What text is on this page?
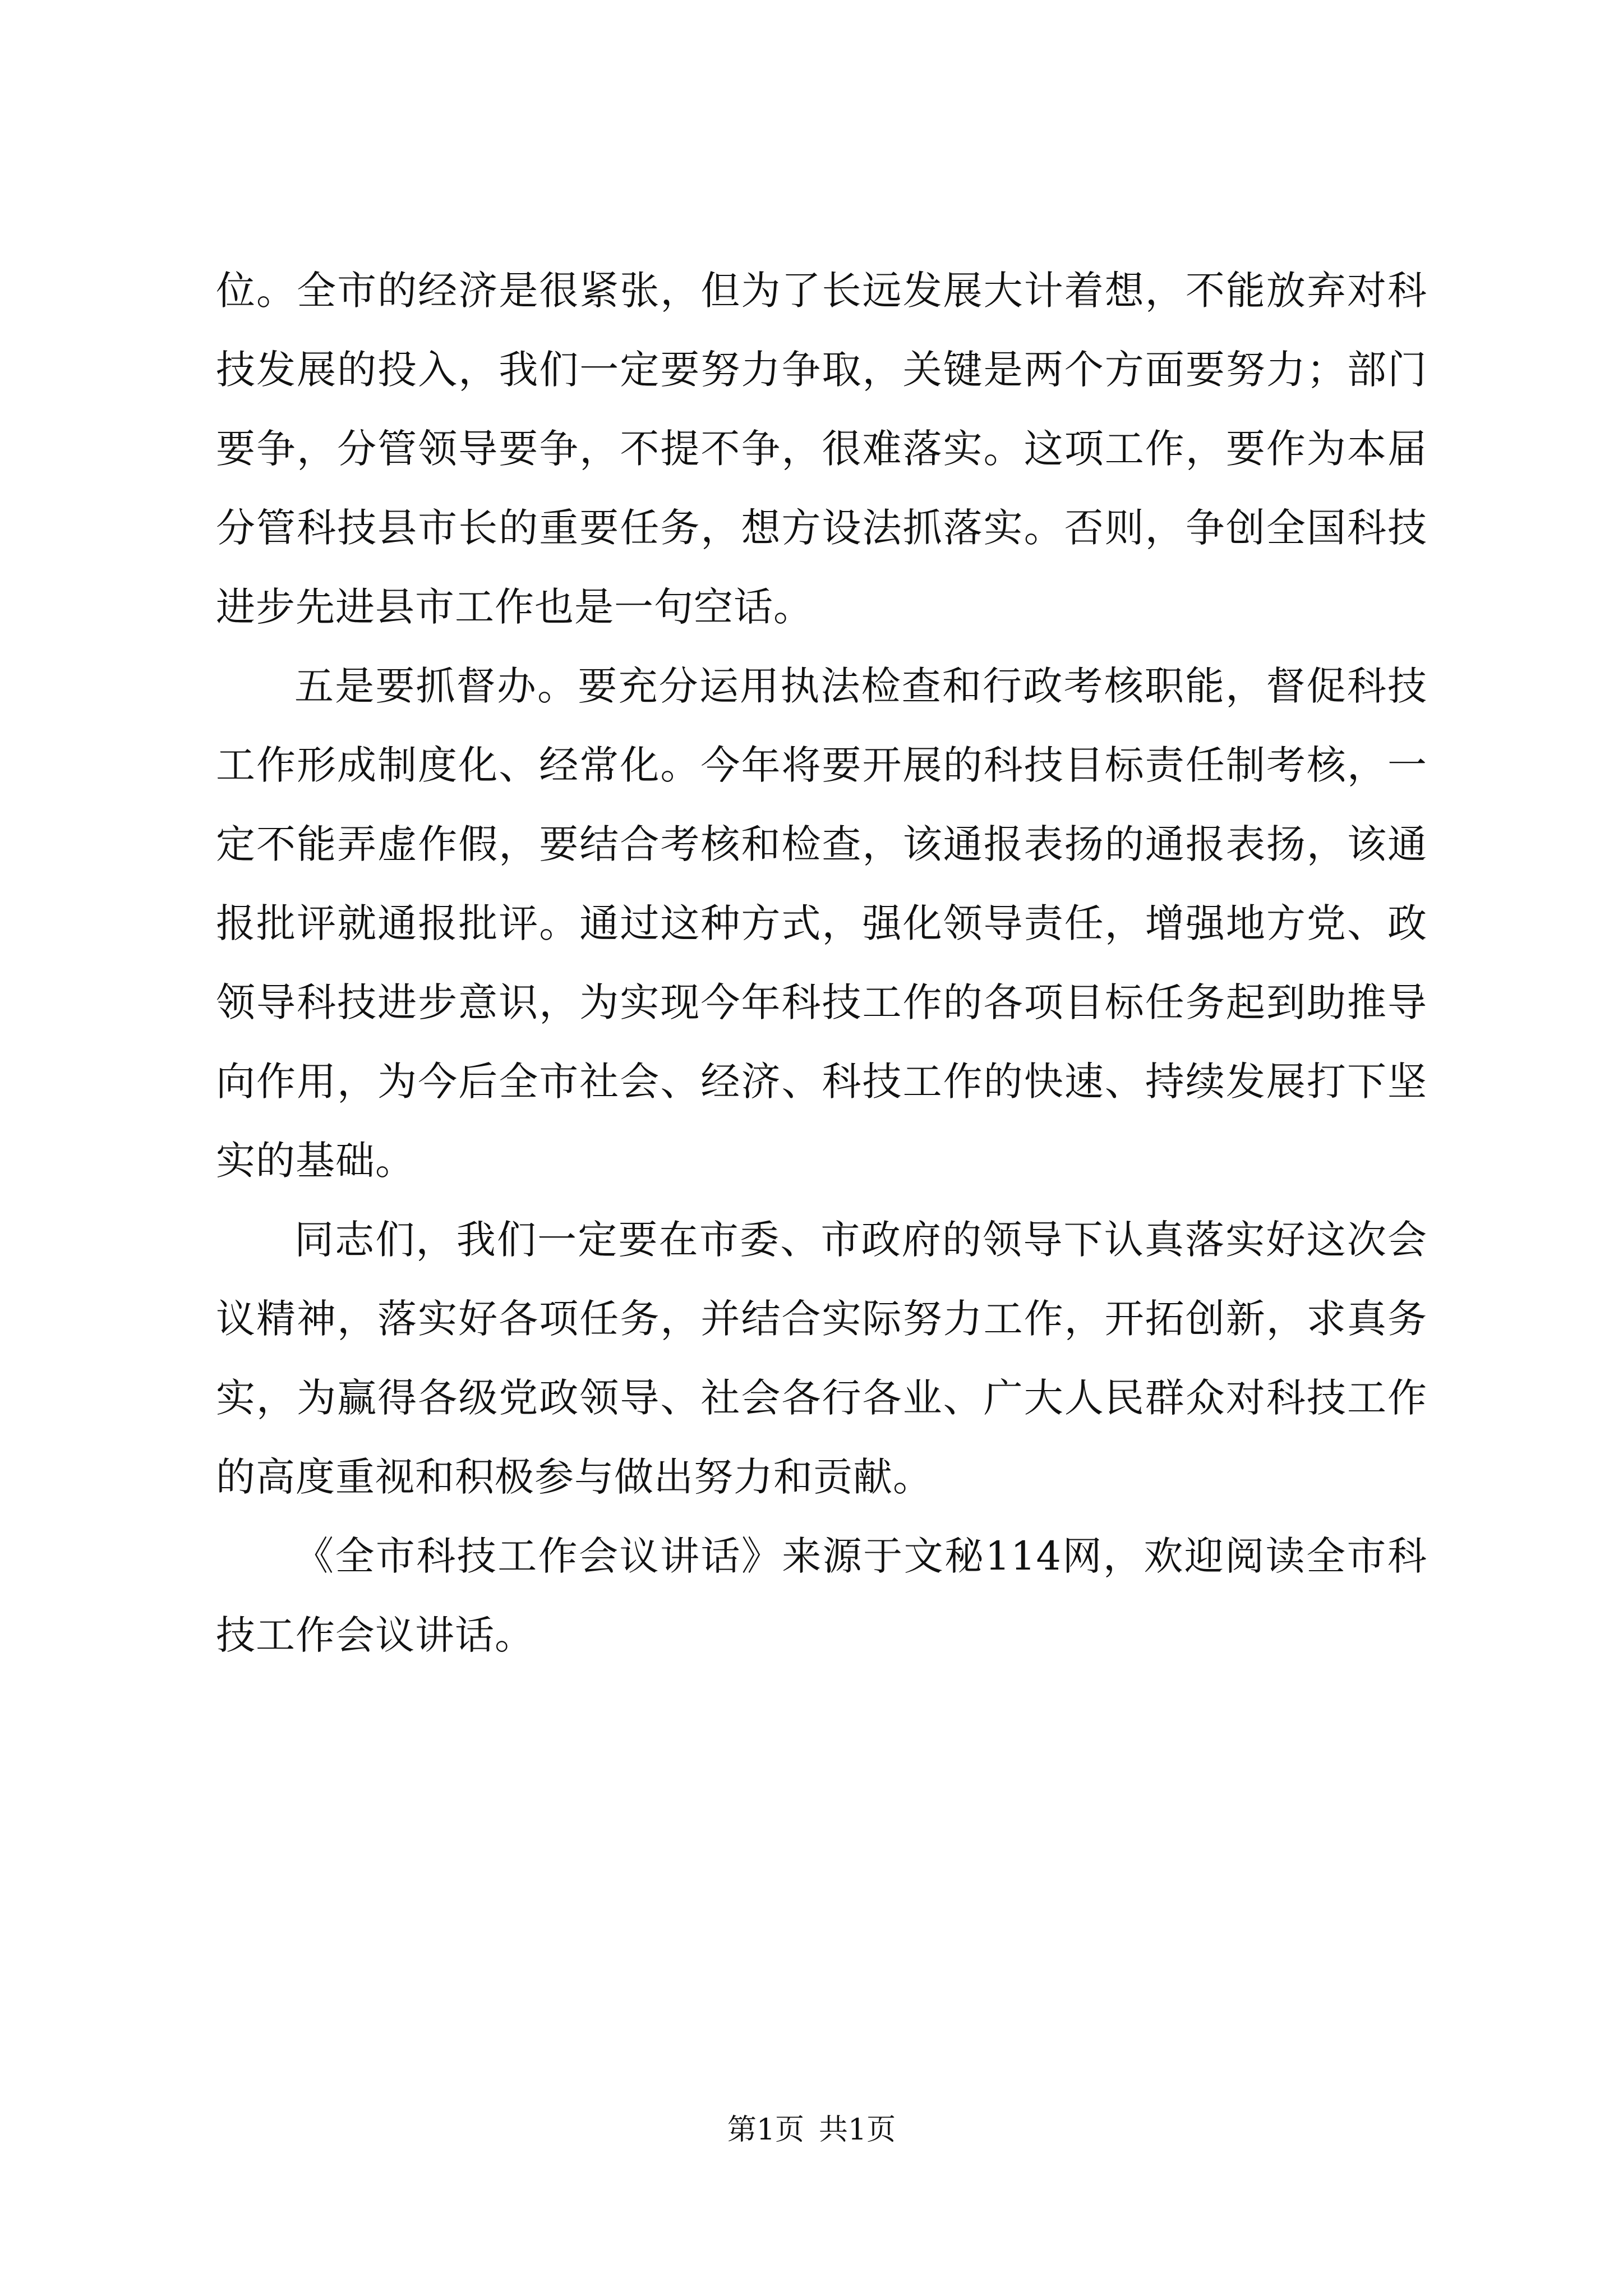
位。全市的经济是很紧张，但为了长远发展大计着想，不能放弃对科技发展的投入，我们一定要努力争取，关键是两个方面要努力；部门要争，分管领导要争，不提不争，很难落实。这项工作，要作为本届分管科技县市长的重要任务，想方设法抓落实。否则，争创全国科技进步先进县市工作也是一句空话。

五是要抓督办。要充分运用执法检查和行政考核职能，督促科技工作形成制度化、经常化。今年将要开展的科技目标责任制考核，一定不能弄虚作假，要结合考核和检查，该通报表扬的通报表扬，该通报批评就通报批评。通过这种方式，强化领导责任，增强地方党、政领导科技进步意识，为实现今年科技工作的各项目标任务起到助推导向作用，为今后全市社会、经济、科技工作的快速、持续发展打下坚实的基础。

同志们，我们一定要在市委、市政府的领导下认真落实好这次会议精神，落实好各项任务，并结合实际努力工作，开拓创新，求真务实，为赢得各级党政领导、社会各行各业、广大人民群众对科技工作的高度重视和积极参与做出努力和贡献。

《全市科技工作会议讲话》来源于文秘114网，欢迎阅读全市科技工作会议讲话。

第1页 共1页
